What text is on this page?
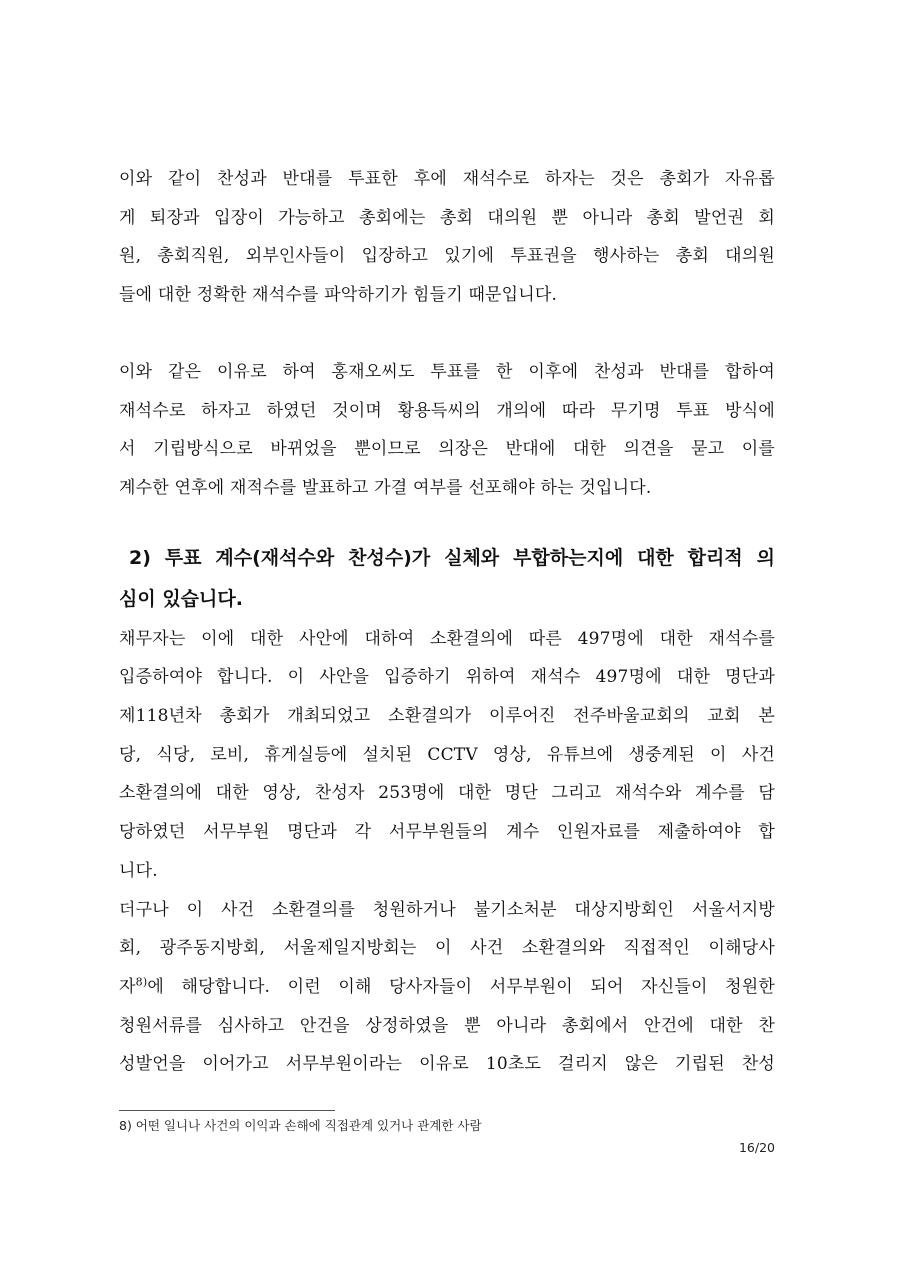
이와 같이 찬성과 반대를 투표한 후에 재석수로 하자는 것은 총회가 자유롭

게 퇴장과 입장이 가능하고 총회에는 총회 대의원 뿐 아니라 총회 발언권 회

원, 총회직원, 외부인사들이 입장하고 있기에 투표권을 행사하는 총회 대의원

들에 대한 정확한 재석수를 파악하기가 힘들기 때문입니다.

이와 같은 이유로 하여 홍재오씨도 투표를 한 이후에 찬성과 반대를 합하여

재석수로 하자고 하였던 것이며 황용득씨의 개의에 따라 무기명 투표 방식에

서 기립방식으로 바뀌었을 뿐이므로 의장은 반대에 대한 의견을 묻고 이를

계수한 연후에 재적수를 발표하고 가결 여부를 선포해야 하는 것입니다.

2) 투표 계수(재석수와 찬성수)가 실체와 부합하는지에 대한 합리적 의

심이 있습니다.

채무자는 이에 대한 사안에 대하여 소환결의에 따른 497명에 대한 재석수를

입증하여야 합니다. 이 사안을 입증하기 위하여 재석수 497명에 대한 명단과

제118년차 총회가 개최되었고 소환결의가 이루어진 전주바울교회의 교회 본

당, 식당, 로비, 휴게실등에 설치된 CCTV 영상, 유튜브에 생중계된 이 사건

소환결의에 대한 영상, 찬성자 253명에 대한 명단 그리고 재석수와 계수를 담

당하였던 서무부원 명단과 각 서무부원들의 계수 인원자료를 제출하여야 합

니다.

더구나 이 사건 소환결의를 청원하거나 불기소처분 대상지방회인 서울서지방

회, 광주동지방회, 서울제일지방회는 이 사건 소환결의와 직접적인 이해당사

자$^{8)}$에 해당합니다. 이런 이해 당사자들이 서무부원이 되어 자신들이 청원한

청원서류를 심사하고 안건을 상정하였을 뿐 아니라 총회에서 안건에 대한 찬

성발언을 이어가고 서무부원이라는 이유로 10초도 걸리지 않은 기립된 찬성

8) 어떤 일니나 사건의 이익과 손해에 직접관계 있거나 관계한 사람
16/20
